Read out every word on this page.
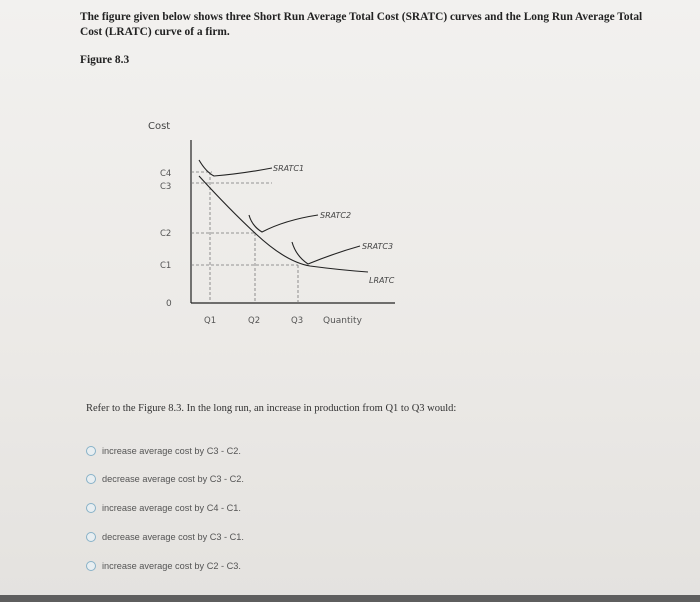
The figure given below shows three Short Run Average Total Cost (SRATC) curves and the Long Run Average Total Cost (LRATC) curve of a firm.
Figure 8.3
Cost
C4
C3
C2
C1
0
Q1	Q2	Q3 Quantity
SRATC1
SRATC2
SRATC3
LRATC
Refer to the Figure 8.3. In the long run, an increase in production from Q1 to Q3 would:
increase average cost by C3 - C2.
decrease average cost by C3 - C2.
increase average cost by C4 - C1.
decrease average cost by C3 - C1.
increase average cost by C2 - C3.
